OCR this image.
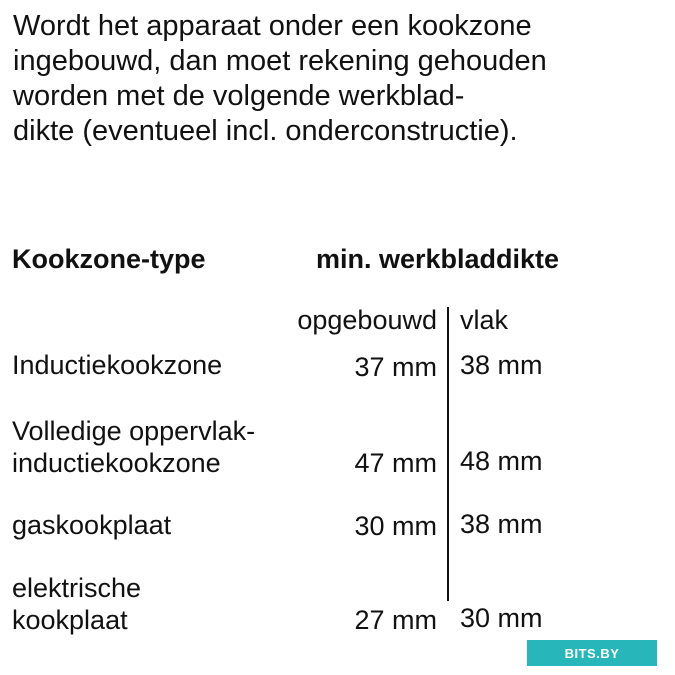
Wordt het apparaat onder een kookzone
ingebouwd, dan moet rekening gehouden
worden met de volgende werkblad-
dikte (eventueel incl. onderconstructie).
Kookzone-type	min. werkbladdikte
opgebouwd vlak
Inductiekookzone	37 mm 38 mm
Volledige oppervlak-
inductiekookzone	47 mm 48 mm
gaskookplaat	30 mm 38 mm
elektrische
kookplaat	27 mm 30 mm
BITS.BY
